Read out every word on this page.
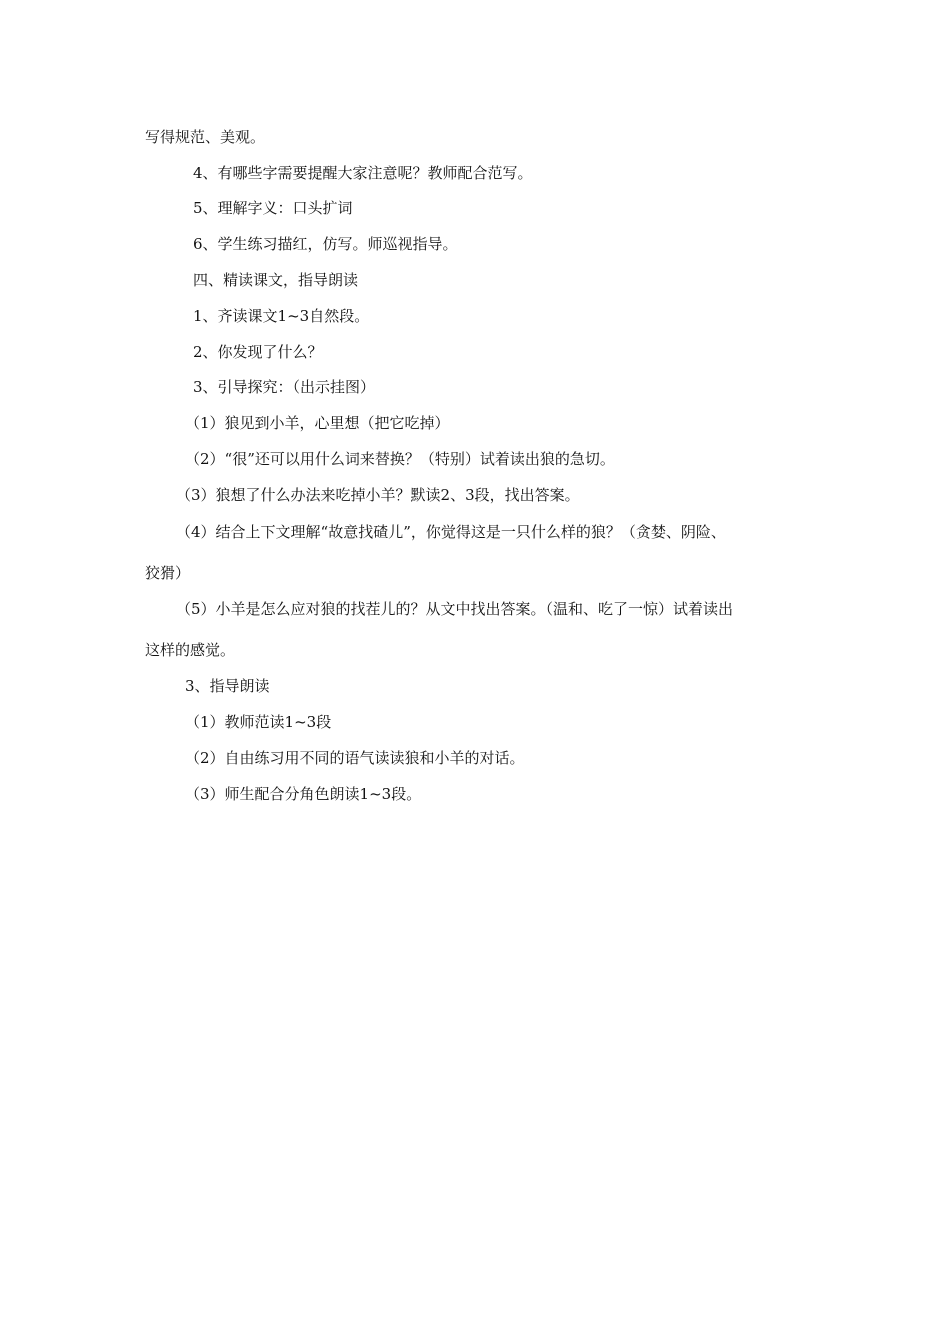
写得规范、美观。
4、有哪些字需要提醒大家注意呢？教师配合范写。
5、理解字义：口头扩词
6、学生练习描红，仿写。师巡视指导。
四、精读课文，指导朗读
1、齐读课文1~3自然段。
2、你发现了什么？
3、引导探究：（出示挂图）
（1）狼见到小羊，心里想（把它吃掉）
（2）“很”还可以用什么词来替换？（特别）试着读出狼的急切。
（3）狼想了什么办法来吃掉小羊？默读2、3段，找出答案。
（4）结合上下文理解“故意找碴儿”，你觉得这是一只什么样的狼？（贪婪、阴险、
狡猾）
（5）小羊是怎么应对狼的找茬儿的？从文中找出答案。（温和、吃了一惊）试着读出
这样的感觉。
3、指导朗读
（1）教师范读1~3段
（2）自由练习用不同的语气读读狼和小羊的对话。
（3）师生配合分角色朗读1~3段。
